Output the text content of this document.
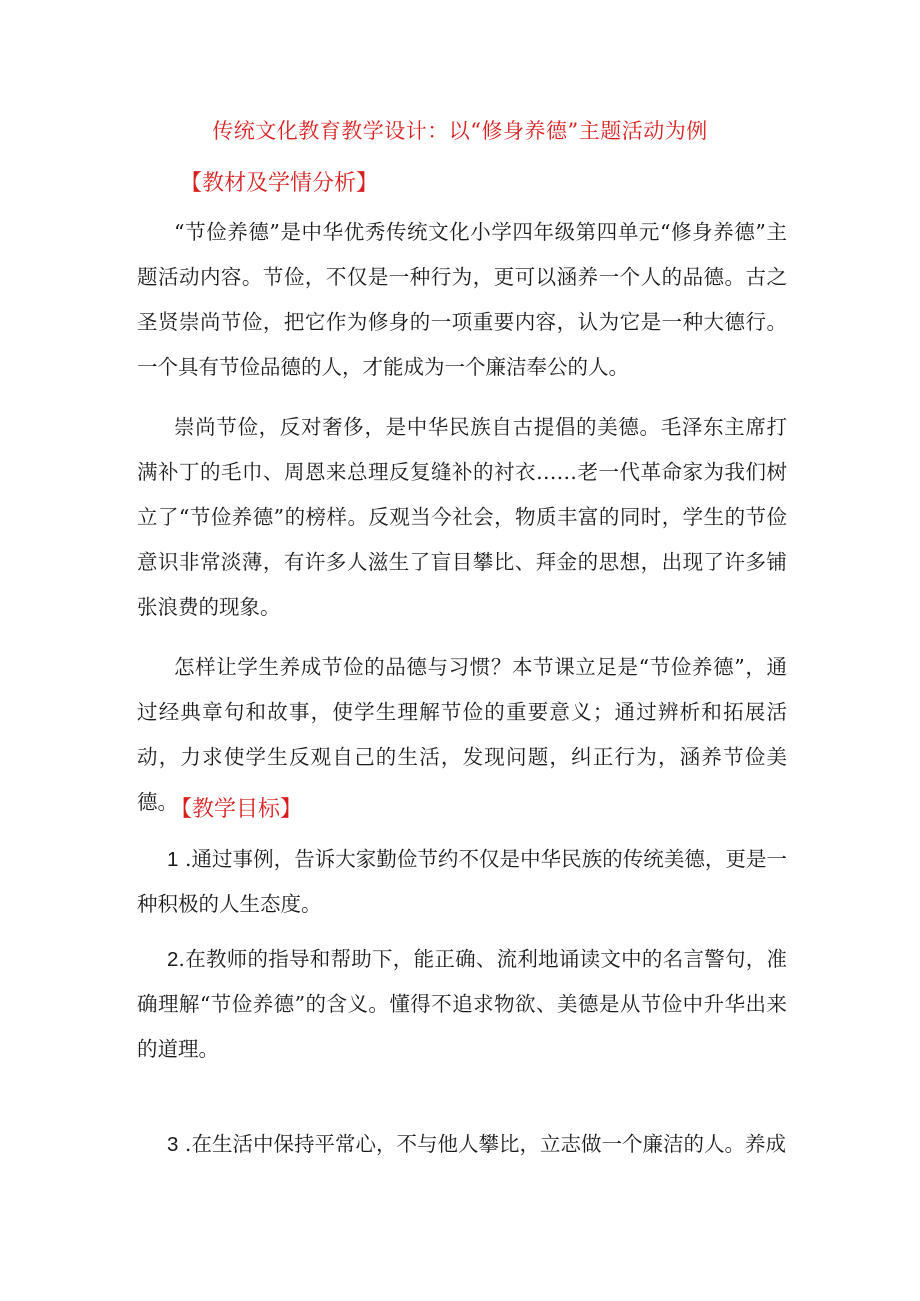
传统文化教育教学设计：以“修身养德”主题活动为例
【教材及学情分析】

“节俭养德”是中华优秀传统文化小学四年级第四单元“修身养德”主题活动内容。节俭，不仅是一种行为，更可以涵养一个人的品德。古之圣贤崇尚节俭，把它作为修身的一项重要内容，认为它是一种大德行。一个具有节俭品德的人，才能成为一个廉洁奉公的人。

崇尚节俭，反对奢侈，是中华民族自古提倡的美德。毛泽东主席打满补丁的毛巾、周恩来总理反复缝补的衬衣……老一代革命家为我们树立了“节俭养德”的榜样。反观当今社会，物质丰富的同时，学生的节俭意识非常淡薄，有许多人滋生了盲目攀比、拜金的思想，出现了许多铺张浪费的现象。

怎样让学生养成节俭的品德与习惯？本节课立足是“节俭养德”，通过经典章句和故事，使学生理解节俭的重要意义；通过辨析和拓展活动，力求使学生反观自己的生活，发现问题，纠正行为，涵养节俭美德。

【教学目标】
1 .通过事例，告诉大家勤俭节约不仅是中华民族的传统美德，更是一种积极的人生态度。
2.在教师的指导和帮助下，能正确、流利地诵读文中的名言警句，准确理解“节俭养德”的含义。懂得不追求物欲、美德是从节俭中升华出来的道理。
3 .在生活中保持平常心，不与他人攀比，立志做一个廉洁的人。养成
